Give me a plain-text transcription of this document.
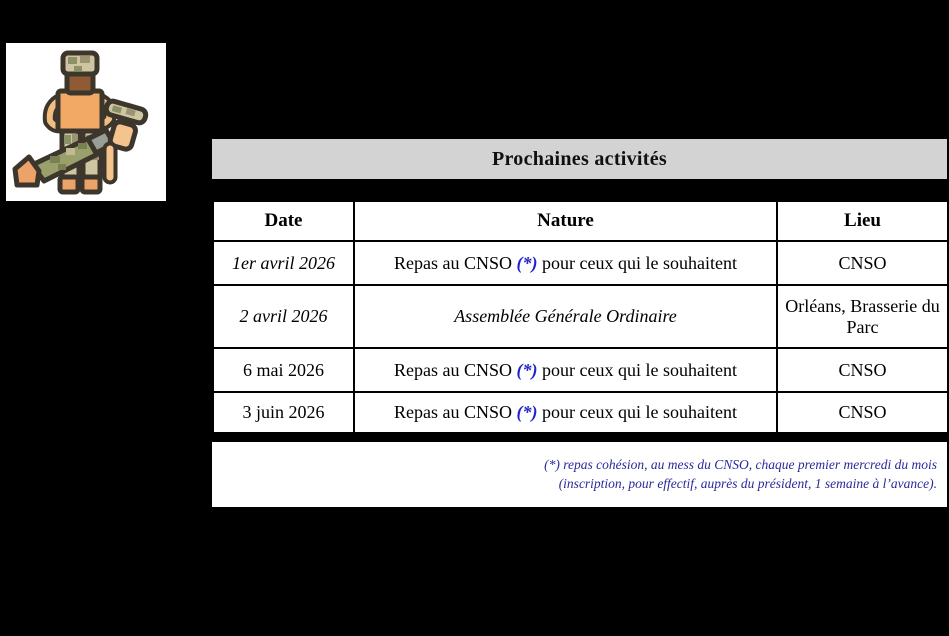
Prochaines activités
Date	Nature	Lieu
1er avril 2026	Repas au CNSO (*) pour ceux qui le souhaitent	CNSO
2 avril 2026	Assemblée Générale Ordinaire	Orléans, Brasserie du Parc
6 mai 2026	Repas au CNSO (*) pour ceux qui le souhaitent	CNSO
3 juin 2026	Repas au CNSO (*) pour ceux qui le souhaitent	CNSO
(*) repas cohésion, au mess du CNSO, chaque premier mercredi du mois
(inscription, pour effectif, auprès du président, 1 semaine à l’avance).
